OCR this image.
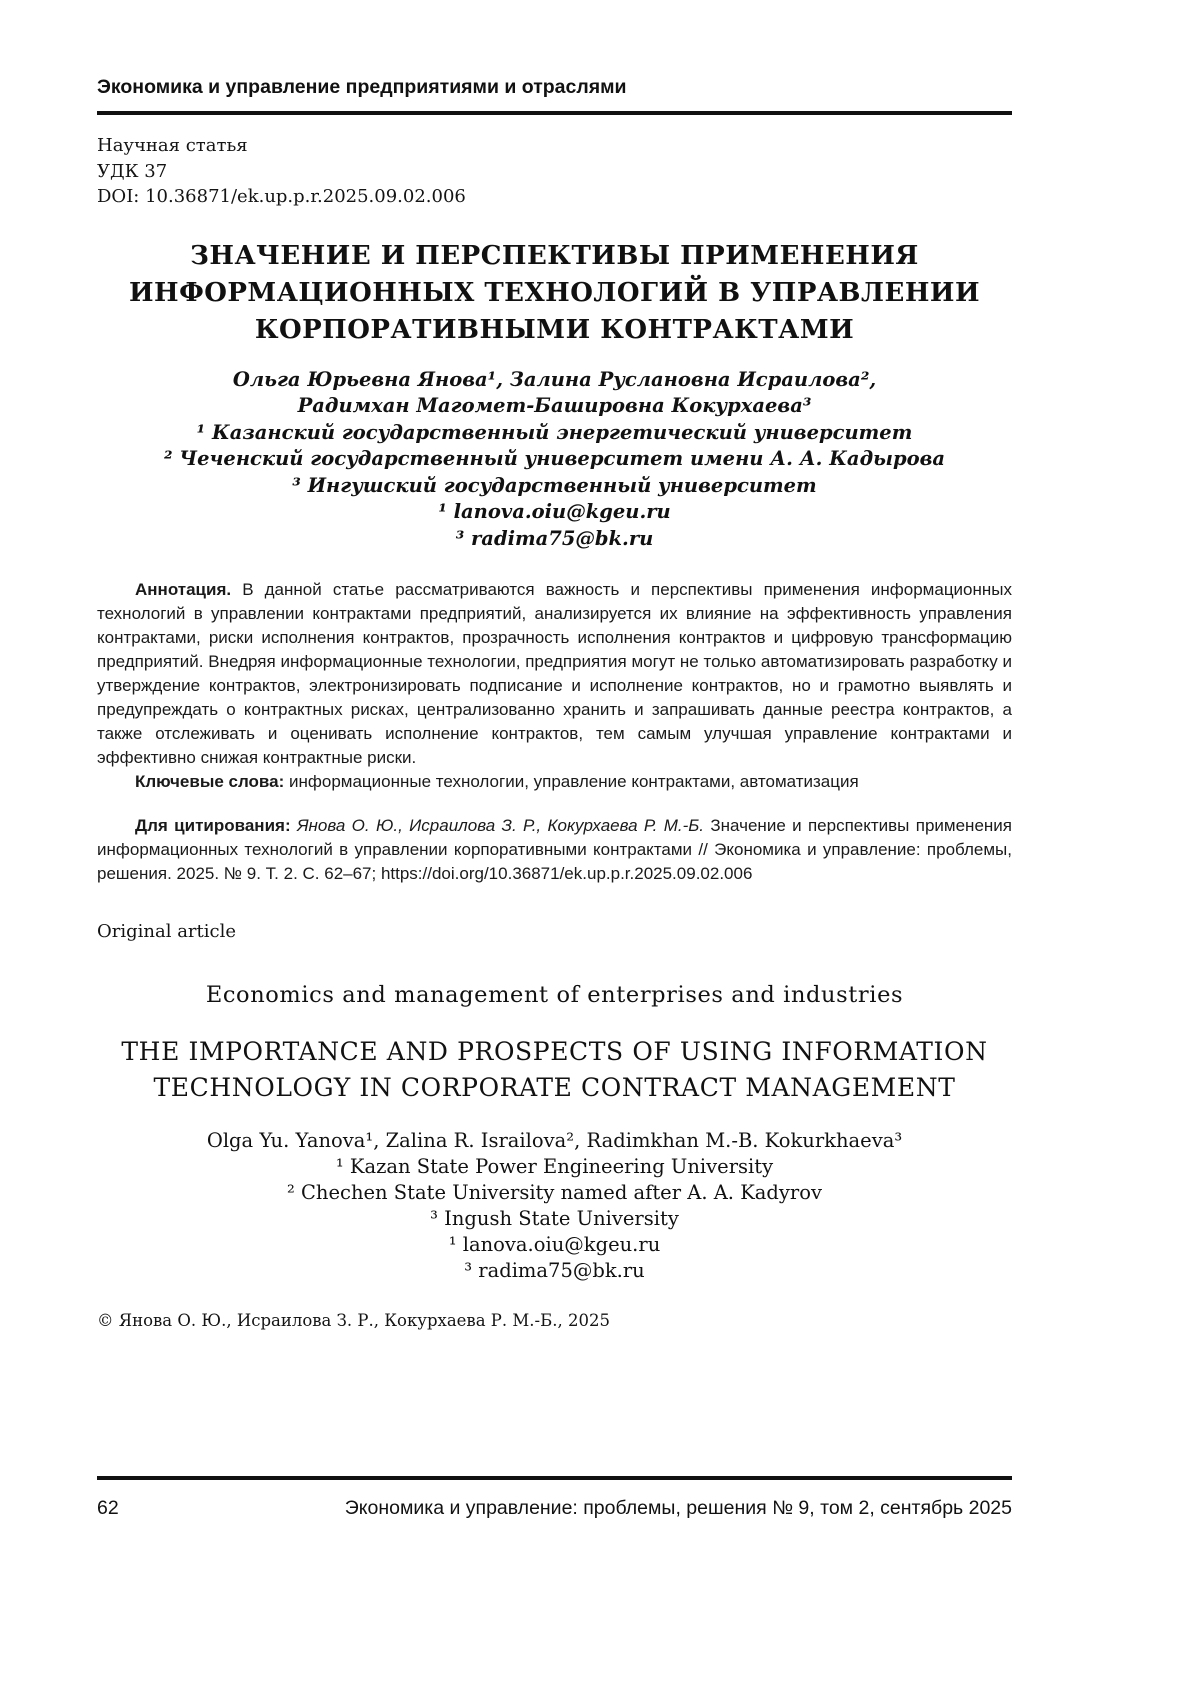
Экономика и управление предприятиями и отраслями
Научная статья
УДК 37
DOI: 10.36871/ek.up.p.r.2025.09.02.006
ЗНАЧЕНИЕ И ПЕРСПЕКТИВЫ ПРИМЕНЕНИЯ ИНФОРМАЦИОННЫХ ТЕХНОЛОГИЙ В УПРАВЛЕНИИ КОРПОРАТИВНЫМИ КОНТРАКТАМИ
Ольга Юрьевна Янова¹, Залина Руслановна Исраилова²,
Радимхан Магомет-Башировна Кокурхаева³
¹ Казанский государственный энергетический университет
² Чеченский государственный университет имени А. А. Кадырова
³ Ингушский государственный университет
¹ lanova.oiu@kgeu.ru
³ radima75@bk.ru

Аннотация. В данной статье рассматриваются важность и перспективы применения информационных технологий в управлении контрактами предприятий, анализируется их влияние на эффективность управления контрактами, риски исполнения контрактов, прозрачность исполнения контрактов и цифровую трансформацию предприятий. Внедряя информационные технологии, предприятия могут не только автоматизировать разработку и утверждение контрактов, электронизировать подписание и исполнение контрактов, но и грамотно выявлять и предупреждать о контрактных рисках, централизованно хранить и запрашивать данные реестра контрактов, а также отслеживать и оценивать исполнение контрактов, тем самым улучшая управление контрактами и эффективно снижая контрактные риски.

Ключевые слова: информационные технологии, управление контрактами, автоматизация

Для цитирования: Янова О. Ю., Исраилова З. Р., Кокурхаева Р. М.-Б. Значение и перспективы применения информационных технологий в управлении корпоративными контрактами // Экономика и управление: проблемы, решения. 2025. № 9. Т. 2. С. 62–67; https://doi.org/10.36871/ek.up.p.r.2025.09.02.006

Original article
Economics and management of enterprises and industries
THE IMPORTANCE AND PROSPECTS OF USING INFORMATION TECHNOLOGY IN CORPORATE CONTRACT MANAGEMENT
Olga Yu. Yanova¹, Zalina R. Israilova², Radimkhan M.-B. Kokurkhaeva³
¹ Kazan State Power Engineering University
² Chechen State University named after A. A. Kadyrov
³ Ingush State University
¹ lanova.oiu@kgeu.ru
³ radima75@bk.ru
© Янова О. Ю., Исраилова З. Р., Кокурхаева Р. М.-Б., 2025
62	Экономика и управление: проблемы, решения № 9, том 2, сентябрь 2025
